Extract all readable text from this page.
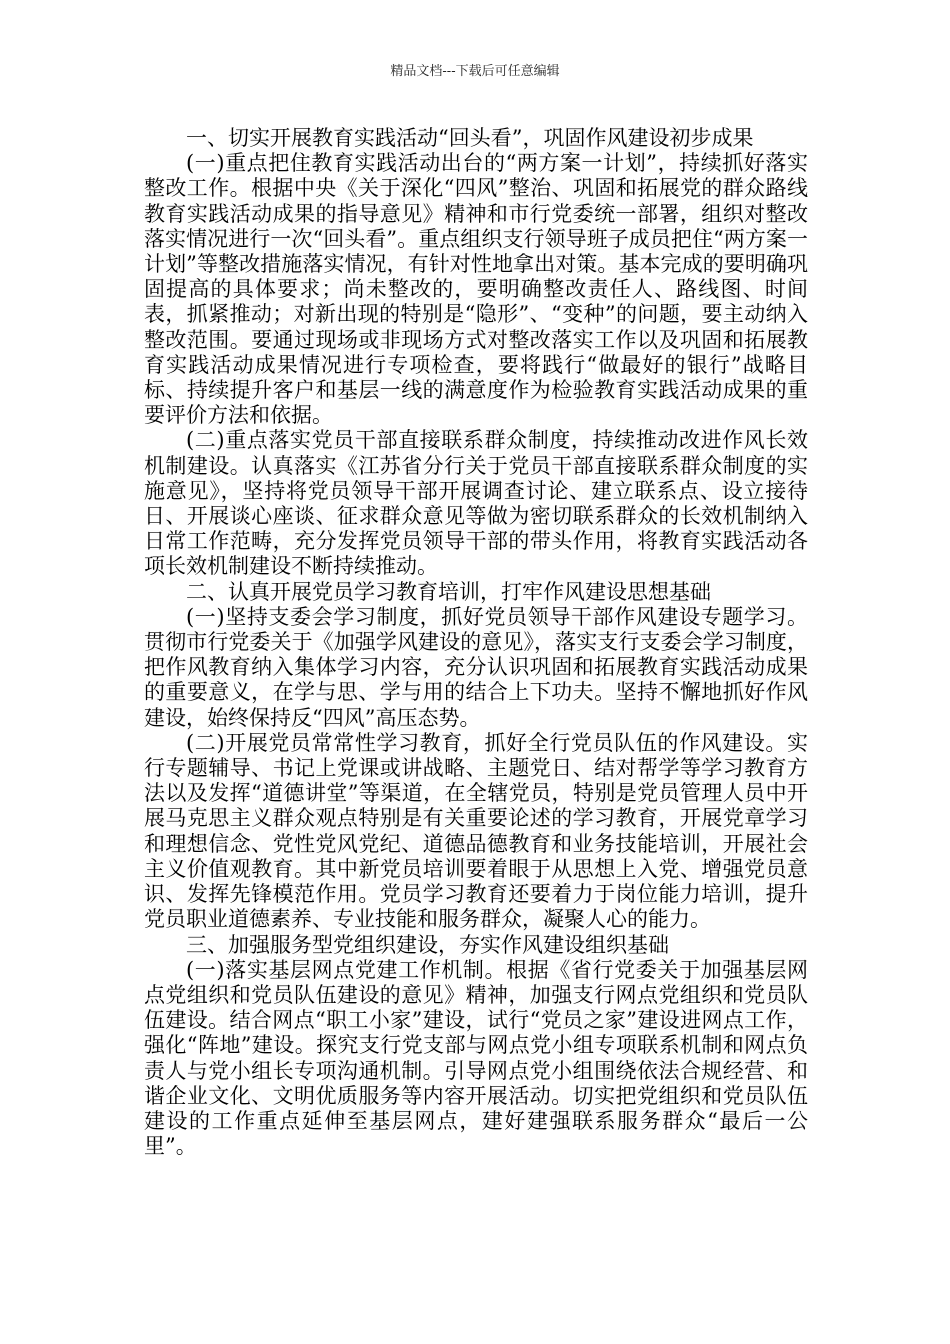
精品文档---下载后可任意编辑

一、切实开展教育实践活动“回头看”，巩固作风建设初步成果

(一)重点把住教育实践活动出台的“两方案一计划”，持续抓好落实整改工作。根据中央《关于深化“四风”整治、巩固和拓展党的群众路线教育实践活动成果的指导意见》精神和市行党委统一部署，组织对整改落实情况进行一次“回头看”。重点组织支行领导班子成员把住“两方案一计划”等整改措施落实情况，有针对性地拿出对策。基本完成的要明确巩固提高的具体要求；尚未整改的，要明确整改责任人、路线图、时间表，抓紧推动；对新出现的特别是“隐形”、“变种”的问题，要主动纳入整改范围。要通过现场或非现场方式对整改落实工作以及巩固和拓展教育实践活动成果情况进行专项检查，要将践行“做最好的银行”战略目标、持续提升客户和基层一线的满意度作为检验教育实践活动成果的重要评价方法和依据。

(二)重点落实党员干部直接联系群众制度，持续推动改进作风长效机制建设。认真落实《江苏省分行关于党员干部直接联系群众制度的实施意见》，坚持将党员领导干部开展调查讨论、建立联系点、设立接待日、开展谈心座谈、征求群众意见等做为密切联系群众的长效机制纳入日常工作范畴，充分发挥党员领导干部的带头作用，将教育实践活动各项长效机制建设不断持续推动。

二、认真开展党员学习教育培训，打牢作风建设思想基础

(一)坚持支委会学习制度，抓好党员领导干部作风建设专题学习。贯彻市行党委关于《加强学风建设的意见》，落实支行支委会学习制度，把作风教育纳入集体学习内容，充分认识巩固和拓展教育实践活动成果的重要意义，在学与思、学与用的结合上下功夫。坚持不懈地抓好作风建设，始终保持反“四风”高压态势。

(二)开展党员常常性学习教育，抓好全行党员队伍的作风建设。实行专题辅导、书记上党课或讲战略、主题党日、结对帮学等学习教育方法以及发挥“道德讲堂”等渠道，在全辖党员，特别是党员管理人员中开展马克思主义群众观点特别是有关重要论述的学习教育，开展党章学习和理想信念、党性党风党纪、道德品德教育和业务技能培训，开展社会主义价值观教育。其中新党员培训要着眼于从思想上入党、增强党员意识、发挥先锋模范作用。党员学习教育还要着力于岗位能力培训，提升党员职业道德素养、专业技能和服务群众，凝聚人心的能力。

三、加强服务型党组织建设，夯实作风建设组织基础

(一)落实基层网点党建工作机制。根据《省行党委关于加强基层网点党组织和党员队伍建设的意见》精神，加强支行网点党组织和党员队伍建设。结合网点“职工小家”建设，试行“党员之家”建设进网点工作，强化“阵地”建设。探究支行党支部与网点党小组专项联系机制和网点负责人与党小组长专项沟通机制。引导网点党小组围绕依法合规经营、和谐企业文化、文明优质服务等内容开展活动。切实把党组织和党员队伍建设的工作重点延伸至基层网点，建好建强联系服务群众“最后一公里”。
